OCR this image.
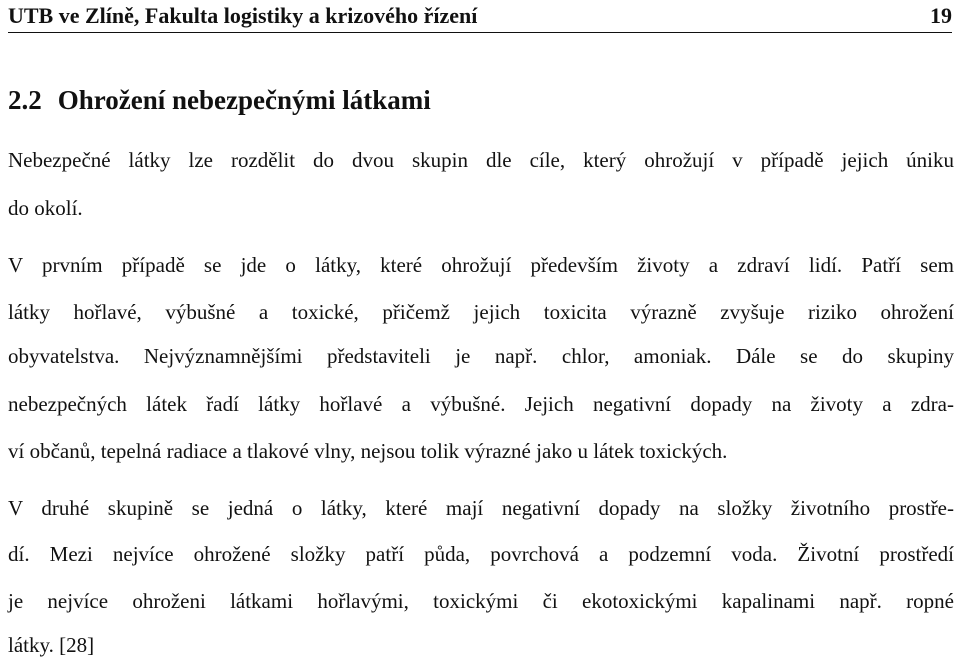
UTB ve Zlíně, Fakulta logistiky a krizového řízení	19
2.2 Ohrožení nebezpečnými látkami
Nebezpečné látky lze rozdělit do dvou skupin dle cíle, který ohrožují v případě jejich úniku
do okolí.
V prvním případě se jde o látky, které ohrožují především životy a zdraví lidí. Patří sem
látky hořlavé, výbušné a toxické, přičemž jejich toxicita výrazně zvyšuje riziko ohrožení
obyvatelstva. Nejvýznamnějšími představiteli je např. chlor, amoniak. Dále se do skupiny
nebezpečných látek řadí látky hořlavé a výbušné. Jejich negativní dopady na životy a zdra-
ví občanů, tepelná radiace a tlakové vlny, nejsou tolik výrazné jako u látek toxických.
V druhé skupině se jedná o látky, které mají negativní dopady na složky životního prostře-
dí. Mezi nejvíce ohrožené složky patří půda, povrchová a podzemní voda. Životní prostředí
je nejvíce ohroženi látkami hořlavými, toxickými či ekotoxickými kapalinami např. ropné
látky. [28]
